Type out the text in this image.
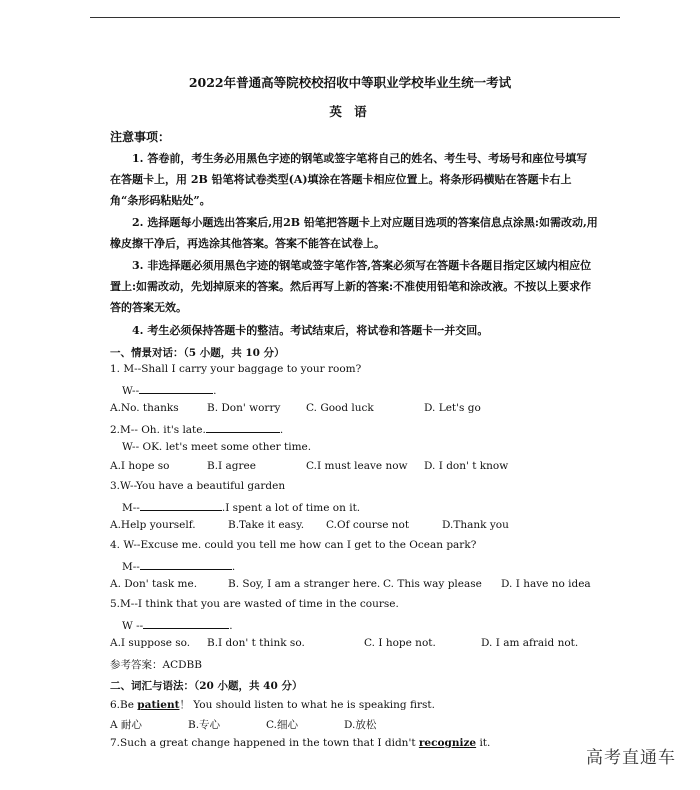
2022年普通高等院校校招收中等职业学校毕业生统一考试
英 语
注意事项：

1. 答卷前，考生务必用黑色字迹的钢笔或签字笔将自己的姓名、考生号、考场号和座位号填写在答题卡上，用 2B 铅笔将试卷类型(A)填涂在答题卡相应位置上。将条形码横贴在答题卡右上角“条形码粘贴处”。

2. 选择题每小题选出答案后,用2B 铅笔把答题卡上对应题目选项的答案信息点涂黑:如需改动,用橡皮擦干净后，再选涂其他答案。答案不能答在试卷上。

3. 非选择题必须用黑色字迹的钢笔或签字笔作答,答案必须写在答题卡各题目指定区域内相应位置上:如需改动，先划掉原来的答案。然后再写上新的答案:不准使用铅笔和涂改液。不按以上要求作答的答案无效。

4. 考生必须保持答题卡的整洁。考试结束后，将试卷和答题卡一并交回。

一、情景对话：（5 小题，共 10 分）
1. M--Shall I carry your baggage to your room?
W--	.
A.No. thanks	B. Don' worry C. Good luck	D. Let's go
2.M-- Oh. it's late.	.
W-- OK. let's meet some other time.
A.I hope so	B.I agree	C.I must leave now D. I don' t know
3.W--You have a beautiful garden
M--	.I spent a lot of time on it.
A.Help yourself.	B.Take it easy. C.Of course not	D.Thank you
4. W--Excuse me. could you tell me how can I get to the Ocean park?
M--	.
A. Don' task me.	B. Soy, I am a stranger here. C. This way please D. I have no idea
5.M--I think that you are wasted of time in the course.
W --	.
A.I suppose so. B.I don' t think so.	C. I hope not.	D. I am afraid not.
参考答案：ACDBB
二、词汇与语法：（20 小题，共 40 分）
6.Be patient！ You should listen to what he is speaking first.
A 耐心	B.专心	C.细心	D.放松
7.Such a great change happened in the town that I didn't recognize it.
高考直通车
